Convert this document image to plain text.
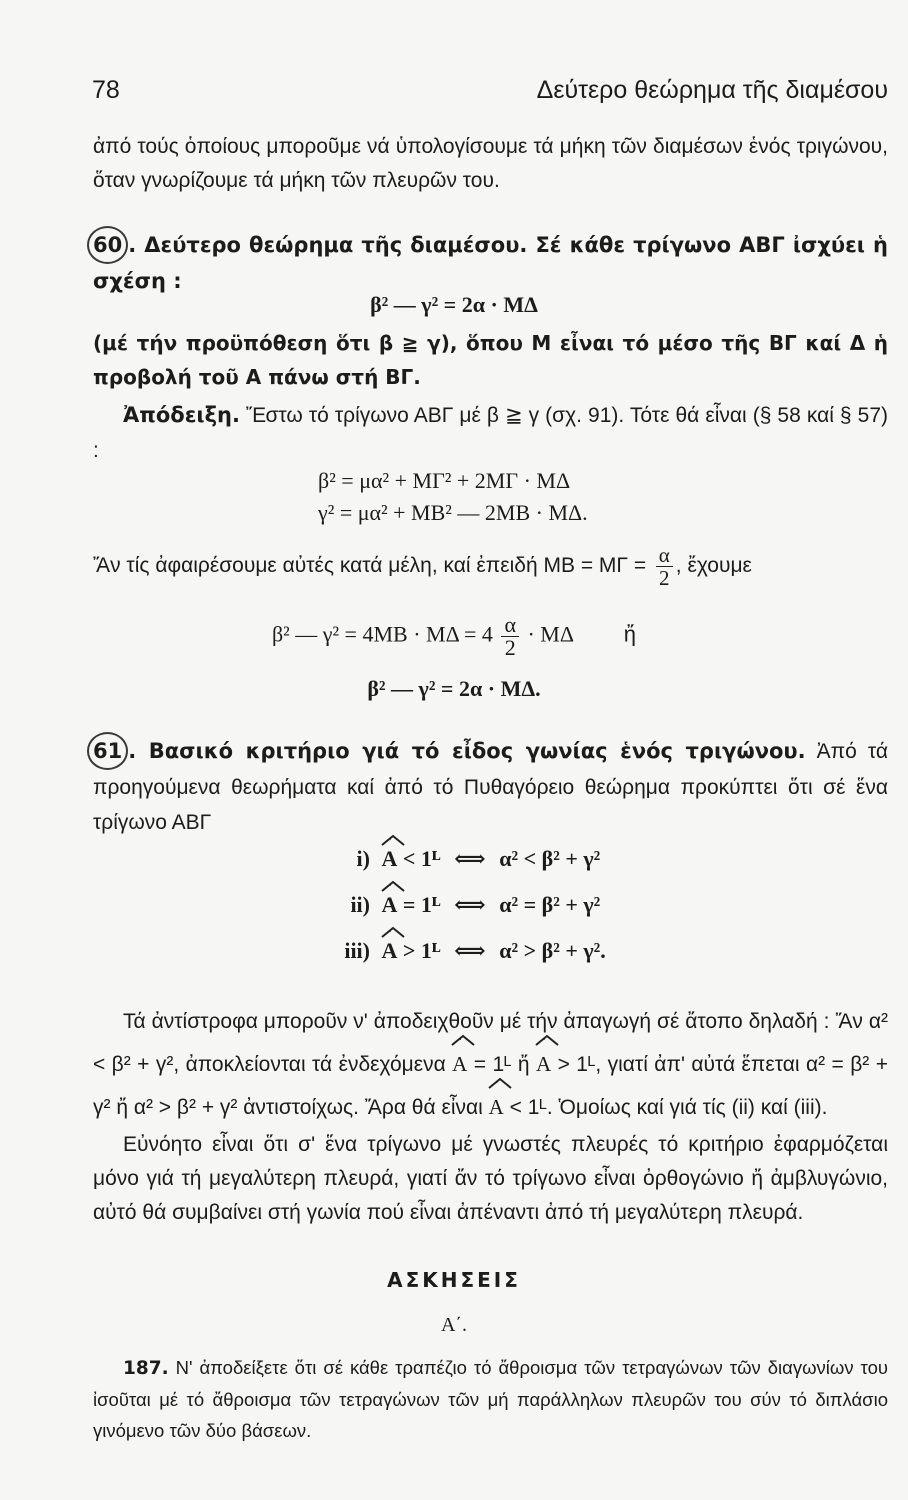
78	Δεύτερο θεώρημα τῆς διαμέσου
ἀπό τούς ὁποίους μποροῦμε νά ὑπολογίσουμε τά μήκη τῶν διαμέσων ἑνός τριγώνου, ὅταν γνωρίζουμε τά μήκη τῶν πλευρῶν του.
60 . Δεύτερο θεώρημα τῆς διαμέσου. Σέ κάθε τρίγωνο ΑΒΓ ἰσχύει ἡ σχέση :
β² — γ² = 2α · ΜΔ
(μέ τήν προϋπόθεση ὅτι β ≧ γ), ὅπου Μ εἶναι τό μέσο τῆς ΒΓ καί Δ ἡ προβολή τοῦ Α πάνω στή ΒΓ.
Ἀπόδειξη. Ἔστω τό τρίγωνο ΑΒΓ μέ β ≧ γ (σχ. 91). Τότε θά εἶναι (§ 58 καί § 57) :
β² = μα² + ΜΓ² + 2ΜΓ · ΜΔ
γ² = μα² + ΜΒ² — 2ΜΒ · ΜΔ.
Ἄν τίς ἀφαιρέσουμε αὐτές κατά μέλη, καί ἐπειδή $MB = M\Gamma = \frac{\alpha}{2}$ , ἔχουμε
β² — $\gamma^2 = 4MB \cdot M\Delta = 4 \frac{\alpha}{2} \cdot M\Delta$ ἤ
β² — γ² = 2α · ΜΔ.
61 . Βασικό κριτήριο γιά τό εἶδος γωνίας ἑνός τριγώνου. Ἀπό τά προηγούμενα θεωρήματα καί ἀπό τό Πυθαγόρειο θεώρημα προκύπτει ὅτι σέ ἕνα τρίγωνο ΑΒΓ
i) A < 1ᴸ ⟺ α² < β² + γ²
ii) A = 1ᴸ ⟺ α² = β² + γ²
iii) A > 1ᴸ ⟺ α² > β² + γ².
Τά ἀντίστροφα μποροῦν ν' ἀποδειχθοῦν μέ τήν ἀπαγωγή σέ ἄτοπο δηλαδή : Ἄν α² < β² + γ², ἀποκλείονται τά ἐνδεχόμενα A = 1ᴸ ἤ A > 1ᴸ, γιατί ἀπ' αὐτά ἕπεται α² = β² + γ² ἤ α² > β² + γ² ἀντιστοίχως. Ἄρα θά εἶναι A < 1ᴸ. Ὁμοίως καί γιά τίς (ii) καί (iii).
Εὐνόητο εἶναι ὅτι σ' ἕνα τρίγωνο μέ γνωστές πλευρές τό κριτήριο ἐφαρμόζεται μόνο γιά τή μεγαλύτερη πλευρά, γιατί ἄν τό τρίγωνο εἶναι ὀρθογώνιο ἤ ἀμβλυγώνιο, αὐτό θά συμβαίνει στή γωνία πού εἶναι ἀπέναντι ἀπό τή μεγαλύτερη πλευρά.
ΑΣΚΗΣΕΙΣ
Α΄.
187. Ν' ἀποδείξετε ὅτι σέ κάθε τραπέζιο τό ἄθροισμα τῶν τετραγώνων τῶν διαγωνίων του ἰσοῦται μέ τό ἄθροισμα τῶν τετραγώνων τῶν μή παράλληλων πλευρῶν του σύν τό διπλάσιο γινόμενο τῶν δύο βάσεων.
